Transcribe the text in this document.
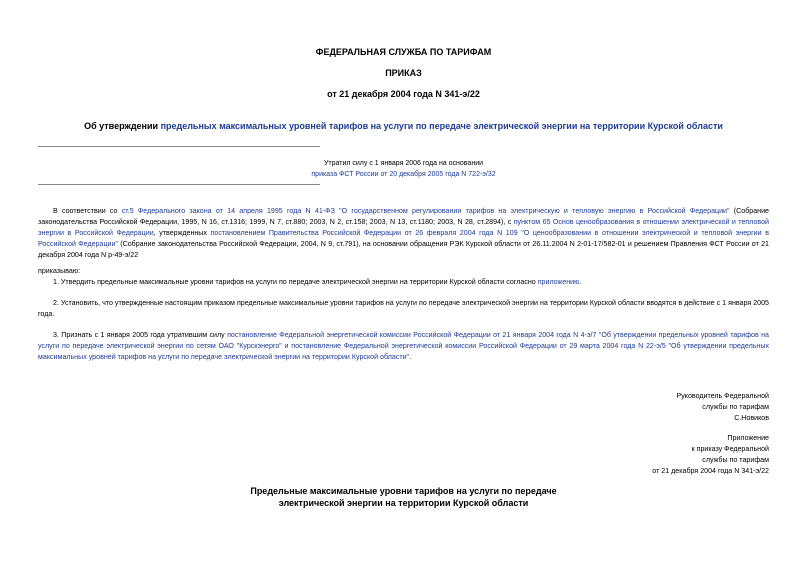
ФЕДЕРАЛЬНАЯ СЛУЖБА ПО ТАРИФАМ
ПРИКАЗ
от 21 декабря 2004 года N 341-э/22
Об утверждении предельных максимальных уровней тарифов на услуги по передаче электрической энергии на территории Курской области
Утратил силу с 1 января 2006 года на основании
приказа ФСТ России от 20 декабря 2005 года N 722-э/32
В соответствии со ст.5 Федерального закона от 14 апреля 1995 года N 41-ФЗ "О государственном регулировании тарифов на электрическую и тепловую энергию в Российской Федерации" (Собрание законодательства Российской Федерации, 1995, N 16, ст.1316; 1999, N 7, ст.880; 2003, N 2, ст.158; 2003, N 13, ст.1180; 2003, N 28, ст.2894), с пунктом 65 Основ ценообразования в отношении электрической и тепловой энергии в Российской Федерации, утвержденных постановлением Правительства Российской Федерации от 26 февраля 2004 года N 109 "О ценообразовании в отношении электрической и тепловой энергии в Российской Федерации" (Собрание законодательства Российской Федерации, 2004, N 9, ст.791), на основании обращения РЭК Курской области от 26.11.2004 N 2-01-17/582-01 и решением Правления ФСТ России от 21 декабря 2004 года N р-49-э/22
приказываю:
1. Утвердить предельные максимальные уровни тарифов на услуги по передаче электрической энергии на территории Курской области согласно приложению.
2. Установить, что утвержденные настоящим приказом предельные максимальные уровни тарифов на услуги по передаче электрической энергии на территории Курской области вводятся в действие с 1 января 2005 года.
3. Признать с 1 января 2005 года утратившим силу постановление Федеральной энергетической комиссии Российской Федерации от 21 января 2004 года N 4-э/7 "Об утверждении предельных уровней тарифов на услуги по передаче электрической энергии по сетям ОАО "Курскэнерго" и постановление Федеральной энергетической комиссии Российской Федерации от 29 марта 2004 года N 22-э/5 "Об утверждении предельных максимальных уровней тарифов на услуги по передаче электрической энергии на территории Курской области".
Руководитель Федеральной
службы по тарифам
С.Новиков
Приложение
к приказу Федеральной
службы по тарифам
от 21 декабря 2004 года N 341-э/22
Предельные максимальные уровни тарифов на услуги по передаче
электрической энергии на территории Курской области
